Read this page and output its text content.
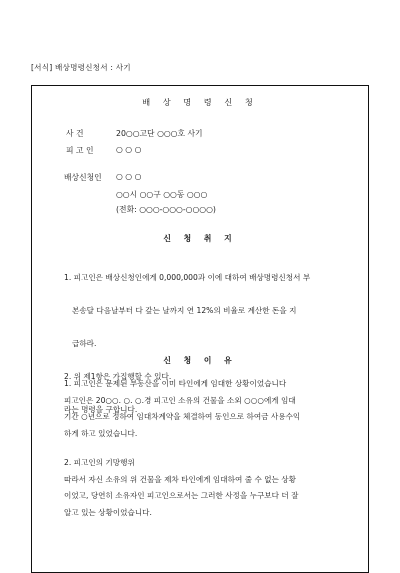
[서식] 배상명령신청서 : 사기
배 상 명 령 신 청
사 건	20○○고단 ○○○호 사기
피 고 인	○ ○ ○
배상신청인 ○ ○ ○
○○시 ○○구 ○○동 ○○○
(전화: ○○○-○○○-○○○○)
신 청 취 지

1. 피고인은 배상신청인에게 0,000,000과 이에 대하여 배상명령신청서 부

본송달 다음날부터 다 갚는 날까지 연 12%의 비율로 계산한 돈을 지

급하라.

2. 위 제1항은 가집행할 수 있다.

라는 명령을 구합니다.

신 청 이 유
1. 피고인은 문제된 부동산을 이미 타인에게 임대한 상황이었습니다
피고인은 20○○. ○. ○.경 피고인 소유의 건물을 소외 ○○○에게 임대
기간 ○년으로 정하여 임대차계약을 체결하여 동인으로 하여금 사용수익
하게 하고 있었습니다.
2. 피고인의 기망행위
따라서 자신 소유의 위 건물을 제차 타인에게 임대하여 줄 수 없는 상황
이었고, 당연히 소유자인 피고인으로서는 그러한 사정을 누구보다 더 잘
알고 있는 상황이었습니다.
